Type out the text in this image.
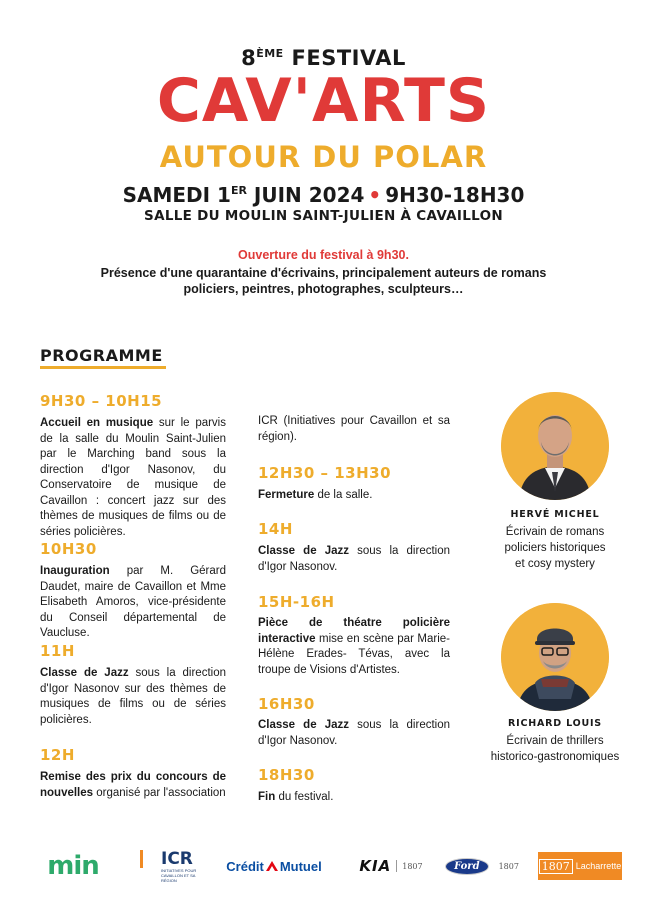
8ÈME FESTIVAL
CAV'ARTS
AUTOUR DU POLAR
SAMEDI 1ER JUIN 2024 • 9H30-18H30
SALLE DU MOULIN SAINT-JULIEN À CAVAILLON
Ouverture du festival à 9h30.
Présence d'une quarantaine d'écrivains, principalement auteurs de romans policiers, peintres, photographes, sculpteurs…
PROGRAMME
9H30 – 10H15
Accueil en musique sur le parvis de la salle du Moulin Saint-Julien par le Marching band sous la direction d'Igor Nasonov, du Conservatoire de musique de Cavaillon : concert jazz sur des thèmes de musiques de films ou de séries policières.
10H30
Inauguration par M. Gérard Daudet, maire de Cavaillon et Mme Elisabeth Amoros, vice-présidente du Conseil départemental de Vaucluse.
11H
Classe de Jazz sous la direction d'Igor Nasonov sur des thèmes de musiques de films ou de séries policières.
12H
Remise des prix du concours de nouvelles organisé par l'association
ICR (Initiatives pour Cavaillon et sa région).
12H30 – 13H30
Fermeture de la salle.
14H
Classe de Jazz sous la direction d'Igor Nasonov.
15H-16H
Pièce de théatre policière interactive mise en scène par Marie-Hélène Erades- Tévas, avec la troupe de Visions d'Artistes.
16H30
Classe de Jazz sous la direction d'Igor Nasonov.
18H30
Fin du festival.
HERVÉ MICHEL
Écrivain de romans
policiers historiques
et cosy mystery
RICHARD LOUIS
Écrivain de thrillers
historico-gastronomiques
min	ICR
INITIATIVES POUR CAVAILLON ET SA RÉGION
Crédit Mutuel	KIA 1807	Ford	1807 1807 Lacharrette
